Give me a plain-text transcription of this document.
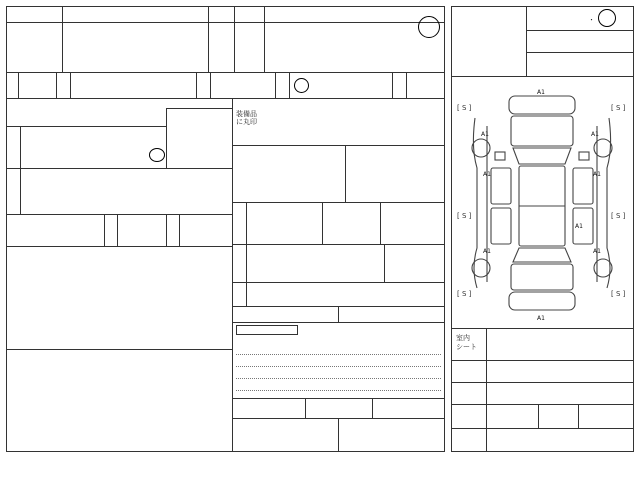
装備品に丸印
・
[ S ]	[ S ]
[ S ]	[ S ]
[ S ]	[ S ]
A1
A1	A1
A1	A1
A1
A1	A1
A1
室内
シート
